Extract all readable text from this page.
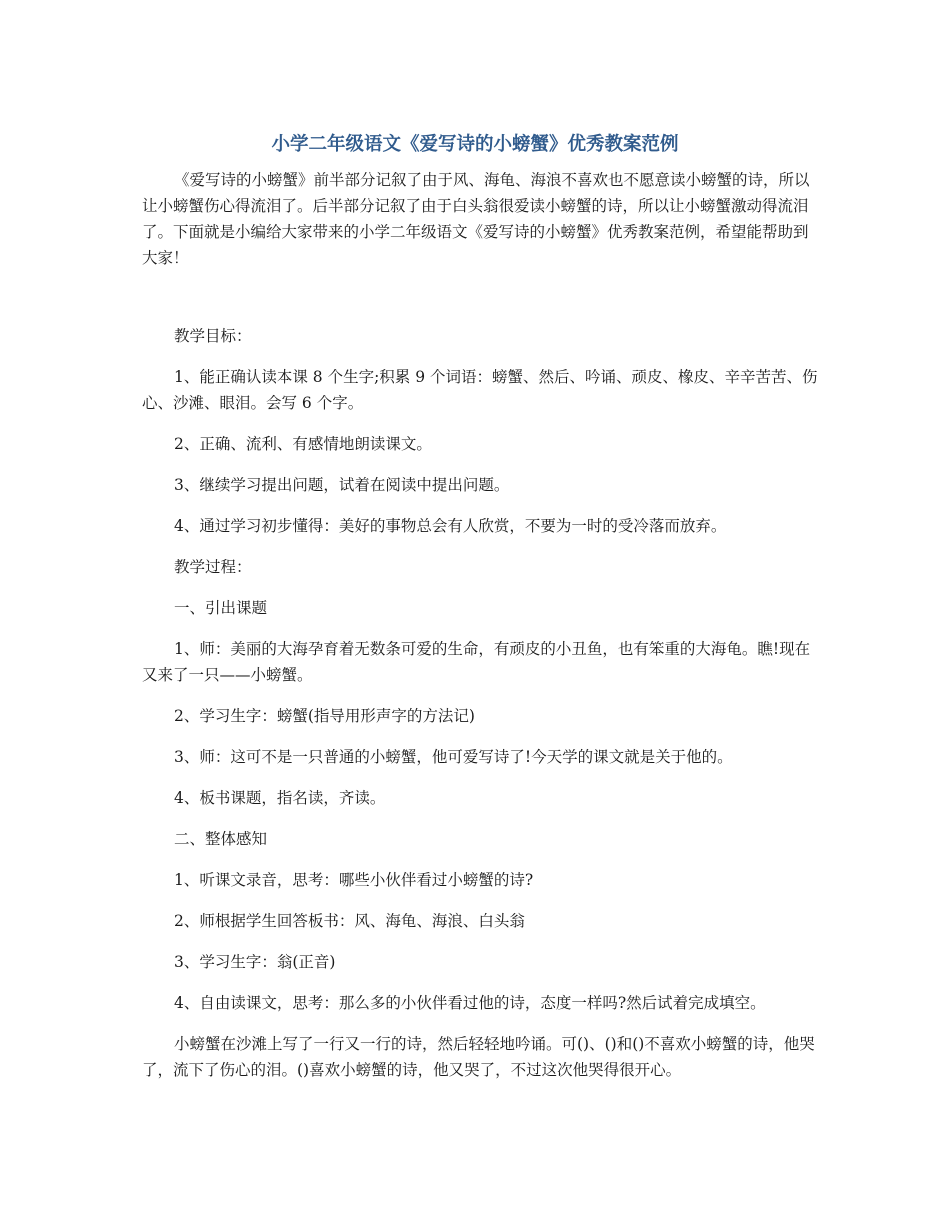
小学二年级语文《爱写诗的小螃蟹》优秀教案范例

《爱写诗的小螃蟹》前半部分记叙了由于风、海龟、海浪不喜欢也不愿意读小螃蟹的诗，所以让小螃蟹伤心得流泪了。后半部分记叙了由于白头翁很爱读小螃蟹的诗，所以让小螃蟹激动得流泪了。下面就是小编给大家带来的小学二年级语文《爱写诗的小螃蟹》优秀教案范例，希望能帮助到大家！

教学目标：

1、能正确认读本课 8 个生字;积累 9 个词语：螃蟹、然后、吟诵、顽皮、橡皮、辛辛苦苦、伤心、沙滩、眼泪。会写 6 个字。

2、正确、流利、有感情地朗读课文。

3、继续学习提出问题，试着在阅读中提出问题。

4、通过学习初步懂得：美好的事物总会有人欣赏，不要为一时的受冷落而放弃。

教学过程：

一、引出课题

1、师：美丽的大海孕育着无数条可爱的生命，有顽皮的小丑鱼，也有笨重的大海龟。瞧!现在又来了一只——小螃蟹。

2、学习生字：螃蟹(指导用形声字的方法记)

3、师：这可不是一只普通的小螃蟹，他可爱写诗了!今天学的课文就是关于他的。

4、板书课题，指名读，齐读。

二、整体感知

1、听课文录音，思考：哪些小伙伴看过小螃蟹的诗?

2、师根据学生回答板书：风、海龟、海浪、白头翁

3、学习生字：翁(正音)

4、自由读课文，思考：那么多的小伙伴看过他的诗，态度一样吗?然后试着完成填空。

小螃蟹在沙滩上写了一行又一行的诗，然后轻轻地吟诵。可()、()和()不喜欢小螃蟹的诗，他哭了，流下了伤心的泪。()喜欢小螃蟹的诗，他又哭了，不过这次他哭得很开心。
